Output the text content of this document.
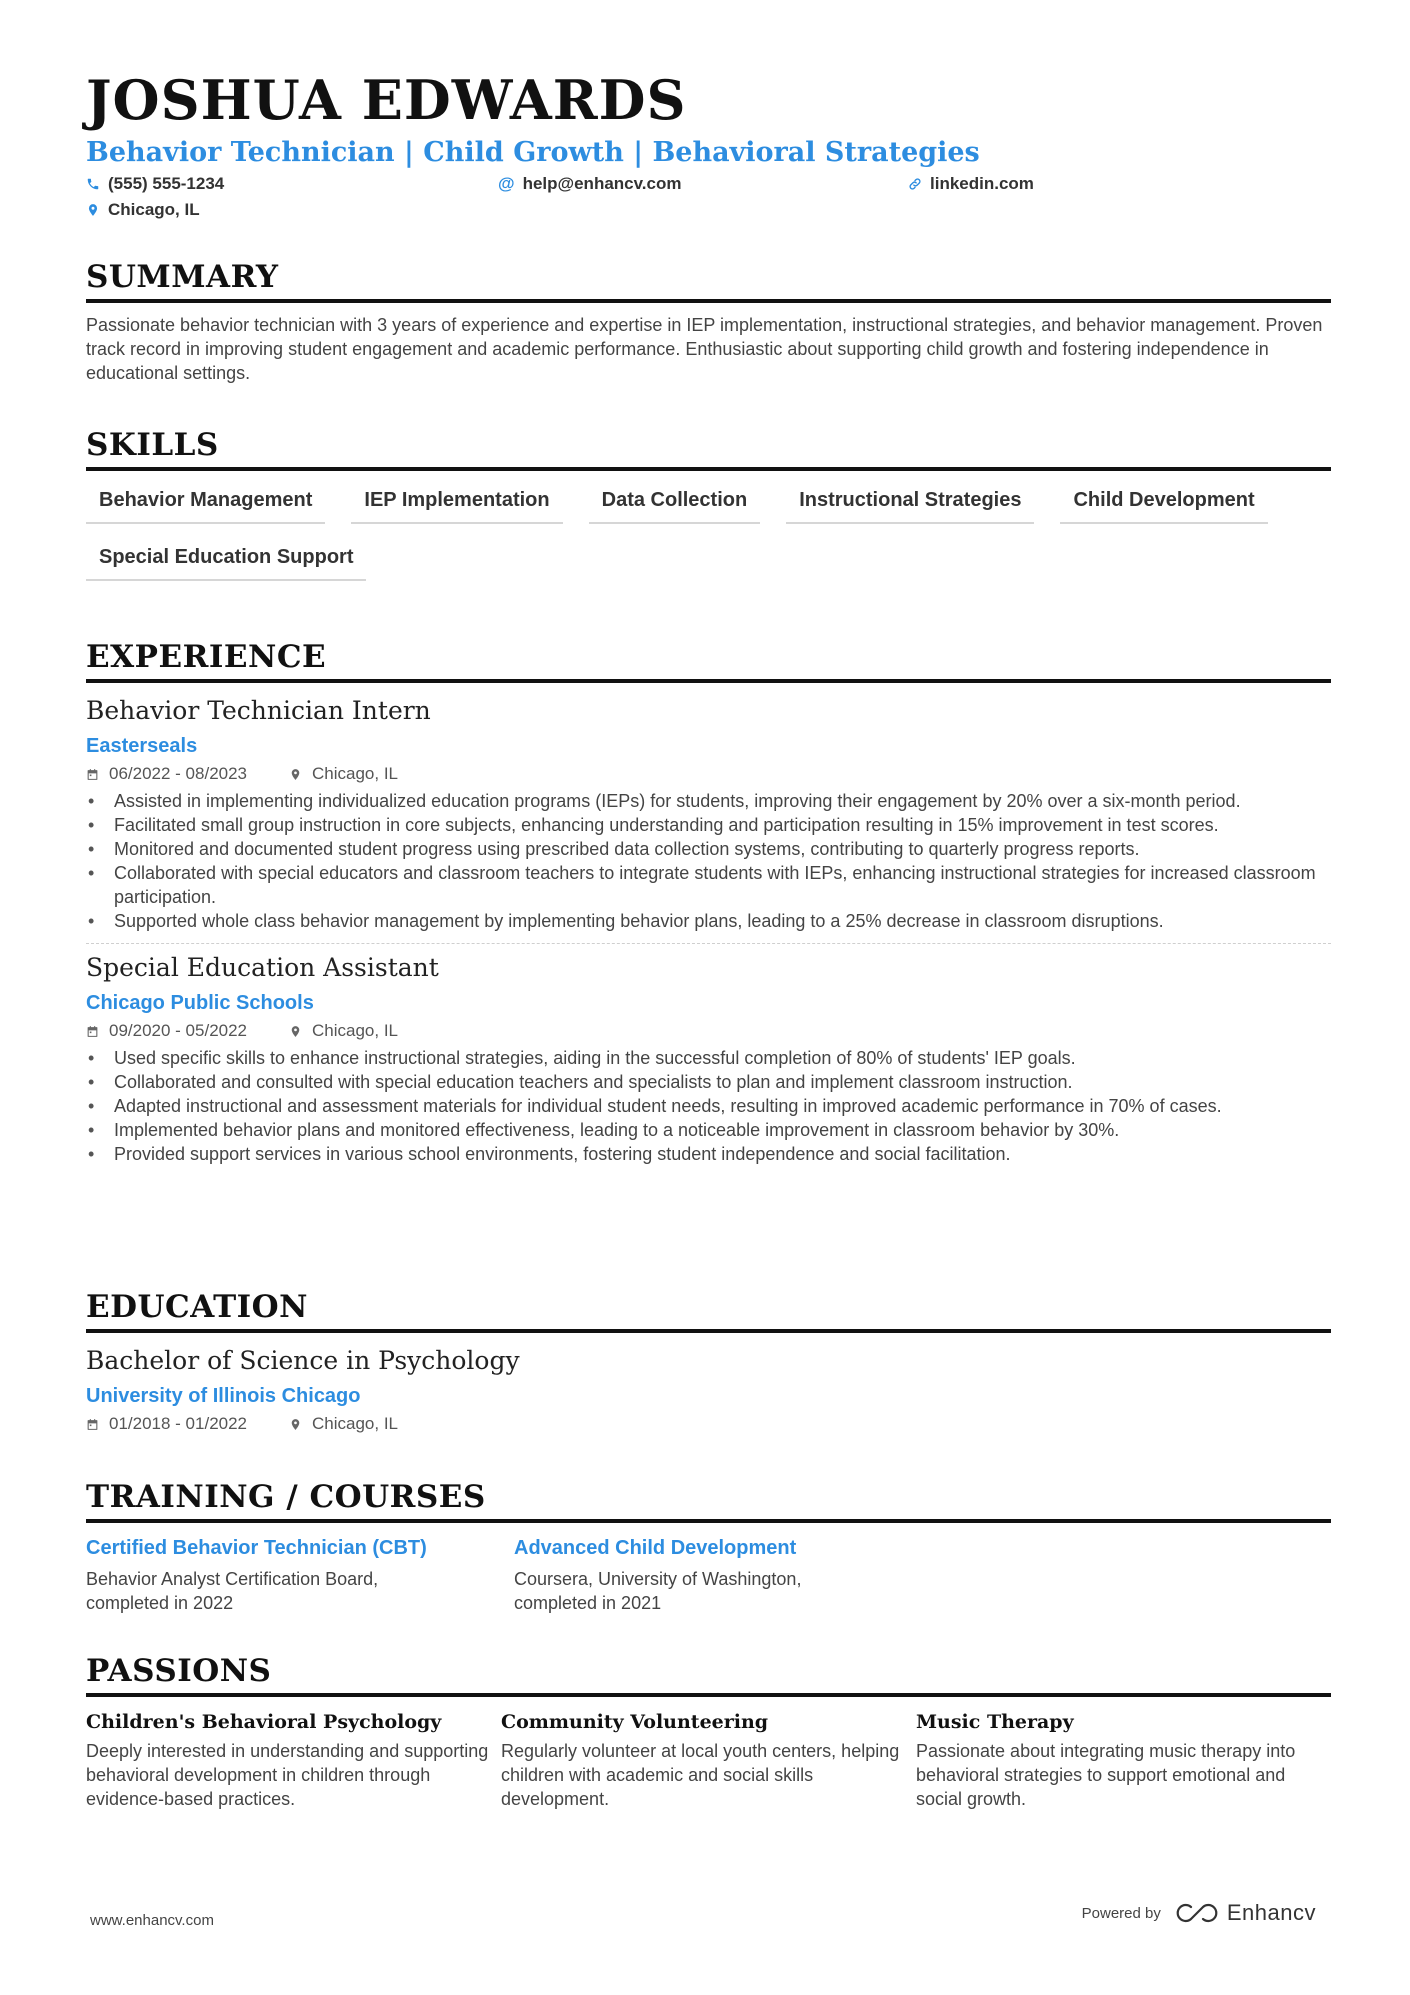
JOSHUA EDWARDS
Behavior Technician | Child Growth | Behavioral Strategies
(555) 555-1234	@ help@enhancv.com	linkedin.com
Chicago, IL
SUMMARY
Passionate behavior technician with 3 years of experience and expertise in IEP implementation, instructional strategies, and behavior management. Proven track record in improving student engagement and academic performance. Enthusiastic about supporting child growth and fostering independence in educational settings.
SKILLS
Behavior Management	IEP Implementation	Data Collection	Instructional Strategies	Child Development
Special Education Support
EXPERIENCE
Behavior Technician Intern
Easterseals
06/2022 - 08/2023	Chicago, IL
• Assisted in implementing individualized education programs (IEPs) for students, improving their engagement by 20% over a six-month period.
• Facilitated small group instruction in core subjects, enhancing understanding and participation resulting in 15% improvement in test scores.
• Monitored and documented student progress using prescribed data collection systems, contributing to quarterly progress reports.
• Collaborated with special educators and classroom teachers to integrate students with IEPs, enhancing instructional strategies for increased classroom participation.
• Supported whole class behavior management by implementing behavior plans, leading to a 25% decrease in classroom disruptions.
Special Education Assistant
Chicago Public Schools
09/2020 - 05/2022	Chicago, IL
• Used specific skills to enhance instructional strategies, aiding in the successful completion of 80% of students' IEP goals.
• Collaborated and consulted with special education teachers and specialists to plan and implement classroom instruction.
• Adapted instructional and assessment materials for individual student needs, resulting in improved academic performance in 70% of cases.
• Implemented behavior plans and monitored effectiveness, leading to a noticeable improvement in classroom behavior by 30%.
• Provided support services in various school environments, fostering student independence and social facilitation.
EDUCATION
Bachelor of Science in Psychology
University of Illinois Chicago
01/2018 - 01/2022	Chicago, IL
TRAINING / COURSES
Certified Behavior Technician (CBT)
Behavior Analyst Certification Board, completed in 2022
Advanced Child Development
Coursera, University of Washington, completed in 2021
PASSIONS
Children's Behavioral Psychology
Deeply interested in understanding and supporting behavioral development in children through evidence-based practices.
Community Volunteering
Regularly volunteer at local youth centers, helping children with academic and social skills development.
Music Therapy
Passionate about integrating music therapy into behavioral strategies to support emotional and social growth.
www.enhancv.com	Powered by	Enhancv
